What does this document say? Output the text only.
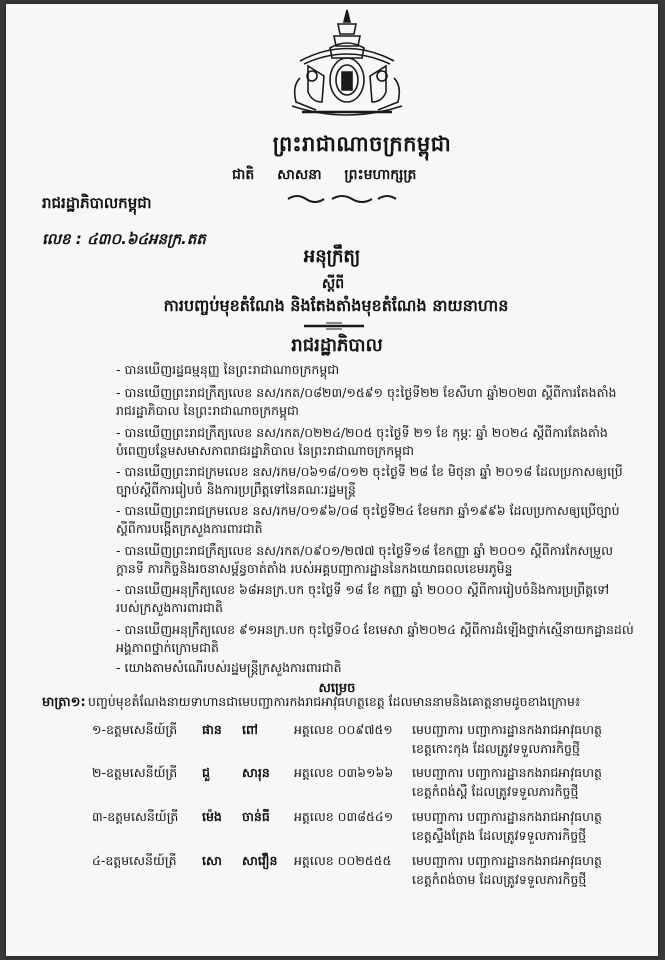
ព្រះរាជាណាចក្រកម្ពុជា
ជាតិ សាសនា ព្រះមហាក្សត្រ
រាជរដ្ឋាភិបាលកម្ពុជា
លេខ : ៤៣០.៦៤អនក្រ.តត
អនុក្រឹត្យ
ស្តីពី
ការបញ្ចប់មុខតំណែង និងតែងតាំងមុខតំណែង នាយនាហាន
រាជរដ្ឋាភិបាល
- បានឃើញរដ្ឋធម្មនុញ្ញ នៃព្រះរាជាណាចក្រកម្ពុជា
- បានឃើញព្រះរាជក្រឹត្យលេខ នស/រកត/០៨២៣/១៥៩១ ចុះថ្ងៃទី២២ ខែសីហា ឆ្នាំ២០២៣ ស្តីពីការតែងតាំង
រាជរដ្ឋាភិបាល នៃព្រះរាជាណាចក្រកម្ពុជា
- បានឃើញព្រះរាជក្រឹត្យលេខ នស/រកត/០២២៤/២០៥ ចុះថ្ងៃទី ២១ ខែ កុម្ភៈ ឆ្នាំ ២០២៤ ស្តីពីការតែងតាំង
បំពេញបន្ថែមសមាសភាពរាជរដ្ឋាភិបាល នៃព្រះរាជាណាចក្រកម្ពុជា
- បានឃើញព្រះរាជក្រមលេខ នស/រកម/០៦១៨/០១២ ចុះថ្ងៃទី ២៨ ខែ មិថុនា ឆ្នាំ ២០១៨ ដែលប្រកាសឲ្យប្រើ
ច្បាប់ស្តីពីការរៀបចំ និងការប្រព្រឹត្តទៅនៃគណៈរដ្ឋមន្ត្រី
- បានឃើញព្រះរាជក្រមលេខ នស/រកម/០១៩៦/០៨ ចុះថ្ងៃទី២៤ ខែមករា ឆ្នាំ១៩៩៦ ដែលប្រកាសឲ្យប្រើច្បាប់
ស្តីពីការបង្កើតក្រសួងការពារជាតិ
- បានឃើញព្រះរាជក្រឹត្យលេខ នស/រកត/០៩០១/២៧៧ ចុះថ្ងៃទី១៨ ខែកញ្ញា ឆ្នាំ ២០០១ ស្តីពីការកែសម្រួល
ក្ដានទី ភារកិច្ចនិងរចនាសម្ព័ន្ធចាត់តាំង របស់អគ្គបញ្ជាការដ្ឋាននៃកងយោធពលខេមរភូមិន្ទ
- បានឃើញអនុក្រឹត្យលេខ ៦៨អនក្រ.បក ចុះថ្ងៃទី ១៨ ខែ កញ្ញា ឆ្នាំ ២០០០ ស្តីពីការរៀបចំនិងការប្រព្រឹត្តទៅ
របស់ក្រសួងការពារជាតិ
- បានឃើញអនុក្រឹត្យលេខ ៩១អនក្រ.បក ចុះថ្ងៃទី០៤ ខែមេសា ឆ្នាំ២០២៤ ស្តីពីការដំឡើងថ្នាក់ស្មើនាយកដ្ឋានដល់
អង្គភាពថ្នាក់ក្រោមជាតិ
- យោងតាមសំណើរបស់រដ្ឋមន្ត្រីក្រសួងការពារជាតិ
សម្រេច
មាត្រា១: បញ្ចប់មុខតំណែងនាយទាហានជាមេបញ្ជាការកងរាជអាវុធហត្ថខេត្ត ដែលមាននាមនិងគោត្តនាមដូចខាងក្រោម៖
១-ឧត្តមសេនីយ៍ត្រី ផាន ពៅ	អត្តលេខ ០០៩៧៥១ មេបញ្ជាការ បញ្ជាការដ្ឋានកងរាជអាវុធហត្ថ
ខេត្តកោះកុង ដែលត្រូវទទួលភារកិច្ចថ្មី
២-ឧត្តមសេនីយ៍ត្រី ជួ	សារុន អត្តលេខ ០៣៦១៦៦ មេបញ្ជាការ បញ្ជាការដ្ឋានកងរាជអាវុធហត្ថ
ខេត្តកំពង់ស្ពឺ ដែលត្រូវទទួលភារកិច្ចថ្មី
៣-ឧត្តមសេនីយ៍ត្រី ម៉េង ចាន់ធី អត្តលេខ ០៣៨៥៤១ មេបញ្ជាការ បញ្ជាការដ្ឋានកងរាជអាវុធហត្ថ
ខេត្តស្ទឹងត្រែង ដែលត្រូវទទួលភារកិច្ចថ្មី
៤-ឧត្តមសេនីយ៍ត្រី សោ សាវឿន អត្តលេខ ០០២៥៥៥ មេបញ្ជាការ បញ្ជាការដ្ឋានកងរាជអាវុធហត្ថ
ខេត្តកំពង់ចាម ដែលត្រូវទទួលភារកិច្ចថ្មី
